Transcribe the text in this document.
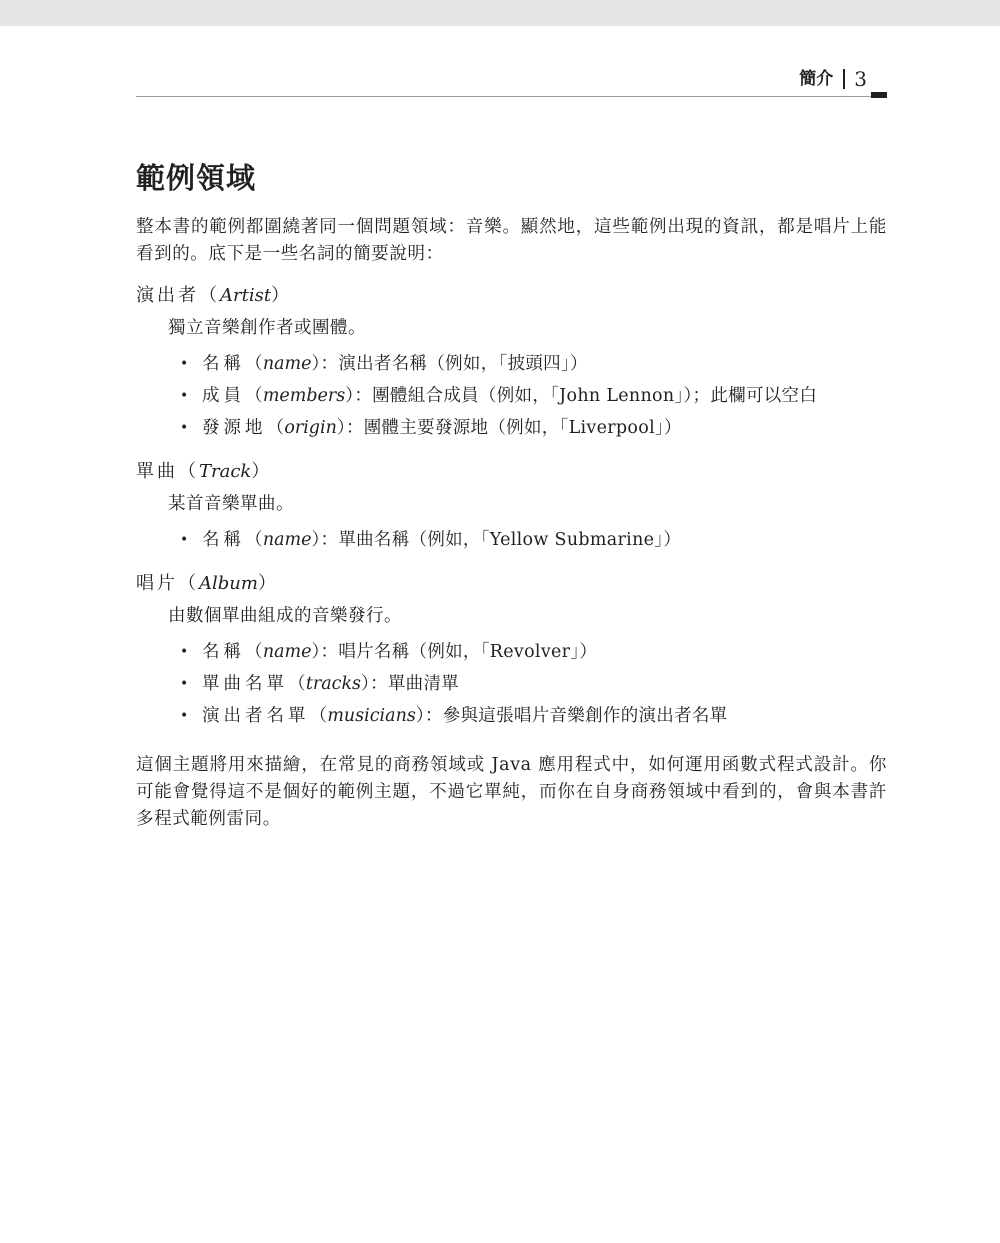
簡介 3
範例領域

整本書的範例都圍繞著同一個問題領域：音樂。顯然地，這些範例出現的資訊，都是唱片上能看到的。底下是一些名詞的簡要說明：

演出者（Artist）
獨立音樂創作者或團體。
• 名稱（name）：演出者名稱（例如，「披頭四」）
• 成員（members）：團體組合成員（例如，「John Lennon」）；此欄可以空白
• 發源地（origin）：團體主要發源地（例如，「Liverpool」）
單曲（Track）
某首音樂單曲。
• 名稱（name）：單曲名稱（例如，「Yellow Submarine」）
唱片（Album）
由數個單曲組成的音樂發行。
• 名稱（name）：唱片名稱（例如，「Revolver」）
• 單曲名單（tracks）：單曲清單
• 演出者名單（musicians）：參與這張唱片音樂創作的演出者名單

這個主題將用來描繪，在常見的商務領域或 Java 應用程式中，如何運用函數式程式設計。你可能會覺得這不是個好的範例主題，不過它單純，而你在自身商務領域中看到的，會與本書許多程式範例雷同。
